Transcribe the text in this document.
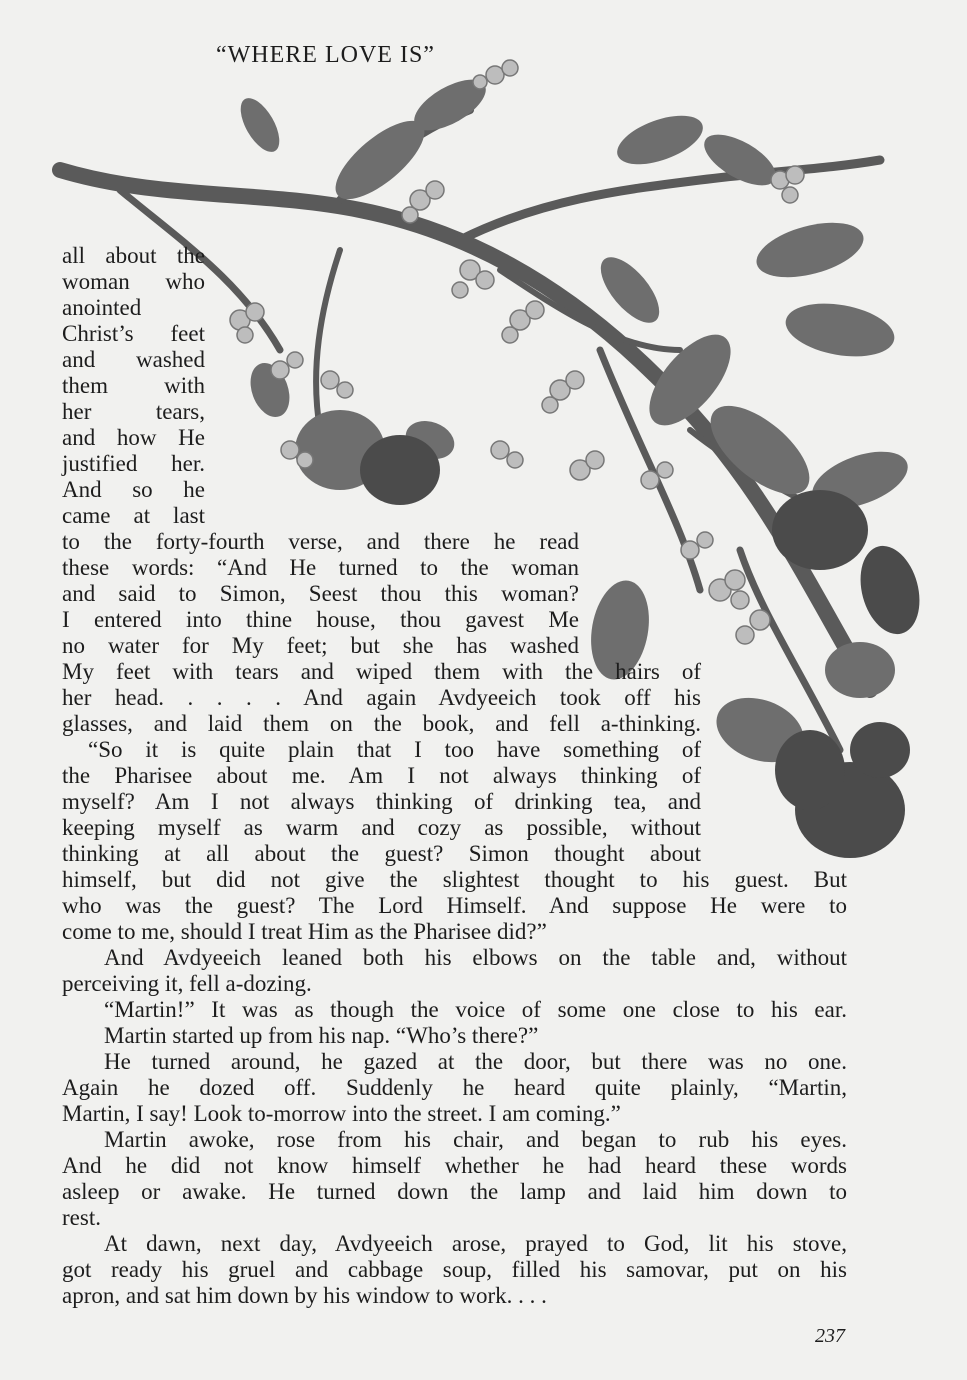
“WHERE LOVE IS”

all about the

woman who

anointed

Christ’s feet

and washed

them with

her tears,

and how He

justified her.

And so he

came at last

to the forty-fourth verse, and there he read

these words: “And He turned to the woman

and said to Simon, Seest thou this woman?

I entered into thine house, thou gavest Me

no water for My feet; but she has washed

My feet with tears and wiped them with the hairs of

her head. . . . . And again Avdyeeich took off his

glasses, and laid them on the book, and fell a-thinking.

“So it is quite plain that I too have something of

the Pharisee about me. Am I not always thinking of

myself? Am I not always thinking of drinking tea, and

keeping myself as warm and cozy as possible, without

thinking at all about the guest? Simon thought about

himself, but did not give the slightest thought to his guest. But

who was the guest? The Lord Himself. And suppose He were to

come to me, should I treat Him as the Pharisee did?”

And Avdyeeich leaned both his elbows on the table and, without

perceiving it, fell a-dozing.

“Martin!” It was as though the voice of some one close to his ear.

Martin started up from his nap. “Who’s there?”

He turned around, he gazed at the door, but there was no one.

Again he dozed off. Suddenly he heard quite plainly, “Martin,

Martin, I say! Look to-morrow into the street. I am coming.”

Martin awoke, rose from his chair, and began to rub his eyes.

And he did not know himself whether he had heard these words

asleep or awake. He turned down the lamp and laid him down to

rest.

At dawn, next day, Avdyeeich arose, prayed to God, lit his stove,

got ready his gruel and cabbage soup, filled his samovar, put on his

apron, and sat him down by his window to work. . . .

237
